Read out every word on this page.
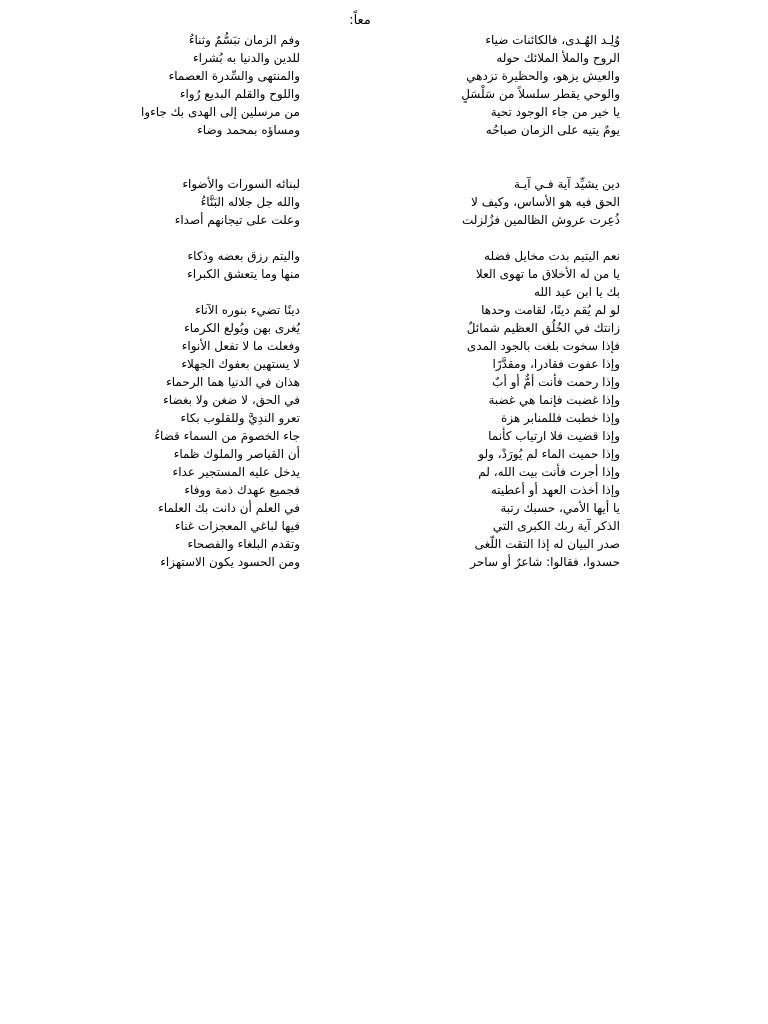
معاً:
وُلِـد الهُـدى، فالكائنات ضياء
وفم الزمان تبَسُّمٌ وثناءُ
الروح والملأ الملائك حوله
للدين والدنيا به بُشراء
والعيش يزهو، والحظيرة تزدهي
والمنتهى والسِّدرة العصماء
والوحي يقطر سلسلاً من سَلْسَلٍ
واللوح والقلم البديع رُواء
يا خير من جاء الوجود تحية
من مرسلين إلى الهدى بك جاءوا
يومٌ يتيه على الزمان صباحُه
ومساؤه بمحمد وضاء
دين يشيِّد آية فـي آيـة
لبنائه السورات والأضواء
الحق فيه هو الأساس، وكيف لا
والله جل جلاله البَنَّاءُ
ذُعِرت عروش الظالمين فزُلزلت
وعلت على تيجانهم أصداء
نعم اليتيم بدت مخايل فضله
واليتم رزق بعضه وذكاء
يا من له الأخلاق ما تهوى العلا
منها وما يتعشق الكبراء
بك يا ابن عبد الله
لو لم يُقم دينًا، لقامت وحدها
دينًا تضيء بنوره الآناء
زانتك في الخُلُق العظيم شمائلٌ
يُغرى بهن ويُولع الكرماء
فإذا سخوت بلغت بالجود المدى
وفعلت ما لا تفعل الأنواء
وإذا عفوت فقادرا، ومقدَّرًا
لا يستهين بعفوك الجهلاء
وإذا رحمت فأنت أمٌّ أو أبٌ
هذان في الدنيا هما الرحماء
وإذا غضبت فإنما هي غضبة
في الحق، لا ضغن ولا بغضاء
وإذا خطبت فللمنابر هزة
تعرو الندِيَّ وللقلوب بكاء
وإذا قضيت فلا ارتياب كأنما
جاء الخصومَ من السماء قضاءُ
وإذا حميت الماء لم يُورَدْ، ولو
أن القياصر والملوك ظماء
وإذا أجرت فأنت بيت الله، لم
يدخل عليه المستجير عداء
وإذا أخذت العهد أو أعطيته
فجميع عهدك ذمة ووفاء
يا أيها الأمي، حسبك رتبة
في العلم أن دانت بك العلماء
الذكر آية ربك الكبرى التي
فيها لباغي المعجزات غناء
صدر البيان له إذا التقت اللُّغى
وتقدم البلغاء والفصحاء
حسدوا، فقالوا: شاعرٌ أو ساحر
ومن الحسود يكون الاستهزاء
